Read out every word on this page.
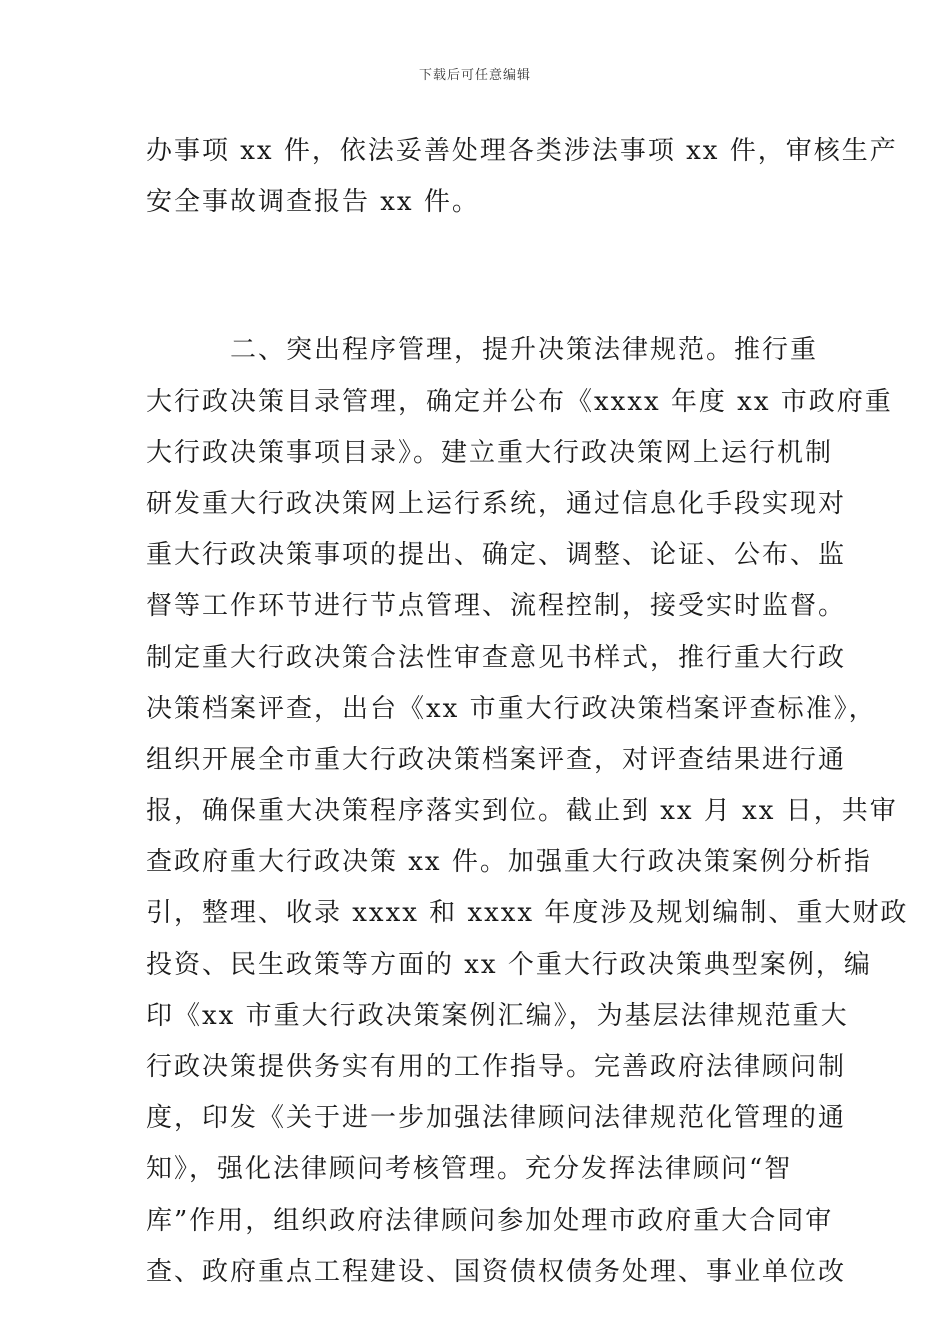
下载后可任意编辑
办事项 xx 件，依法妥善处理各类涉法事项 xx 件，审核生产
安全事故调查报告 xx 件。
　　　二、突出程序管理，提升决策法律规范。推行重
大行政决策目录管理，确定并公布《xxxx 年度 xx 市政府重
大行政决策事项目录》。建立重大行政决策网上运行机制
研发重大行政决策网上运行系统，通过信息化手段实现对
重大行政决策事项的提出、确定、调整、论证、公布、监
督等工作环节进行节点管理、流程控制，接受实时监督。
制定重大行政决策合法性审查意见书样式，推行重大行政
决策档案评查，出台《xx 市重大行政决策档案评查标准》，
组织开展全市重大行政决策档案评查，对评查结果进行通
报，确保重大决策程序落实到位。截止到 xx 月 xx 日，共审
查政府重大行政决策 xx 件。加强重大行政决策案例分析指
引，整理、收录 xxxx 和 xxxx 年度涉及规划编制、重大财政
投资、民生政策等方面的 xx 个重大行政决策典型案例，编
印《xx 市重大行政决策案例汇编》，为基层法律规范重大
行政决策提供务实有用的工作指导。完善政府法律顾问制
度，印发《关于进一步加强法律顾问法律规范化管理的通
知》，强化法律顾问考核管理。充分发挥法律顾问“智
库”作用，组织政府法律顾问参加处理市政府重大合同审
查、政府重点工程建设、国资债权债务处理、事业单位改
